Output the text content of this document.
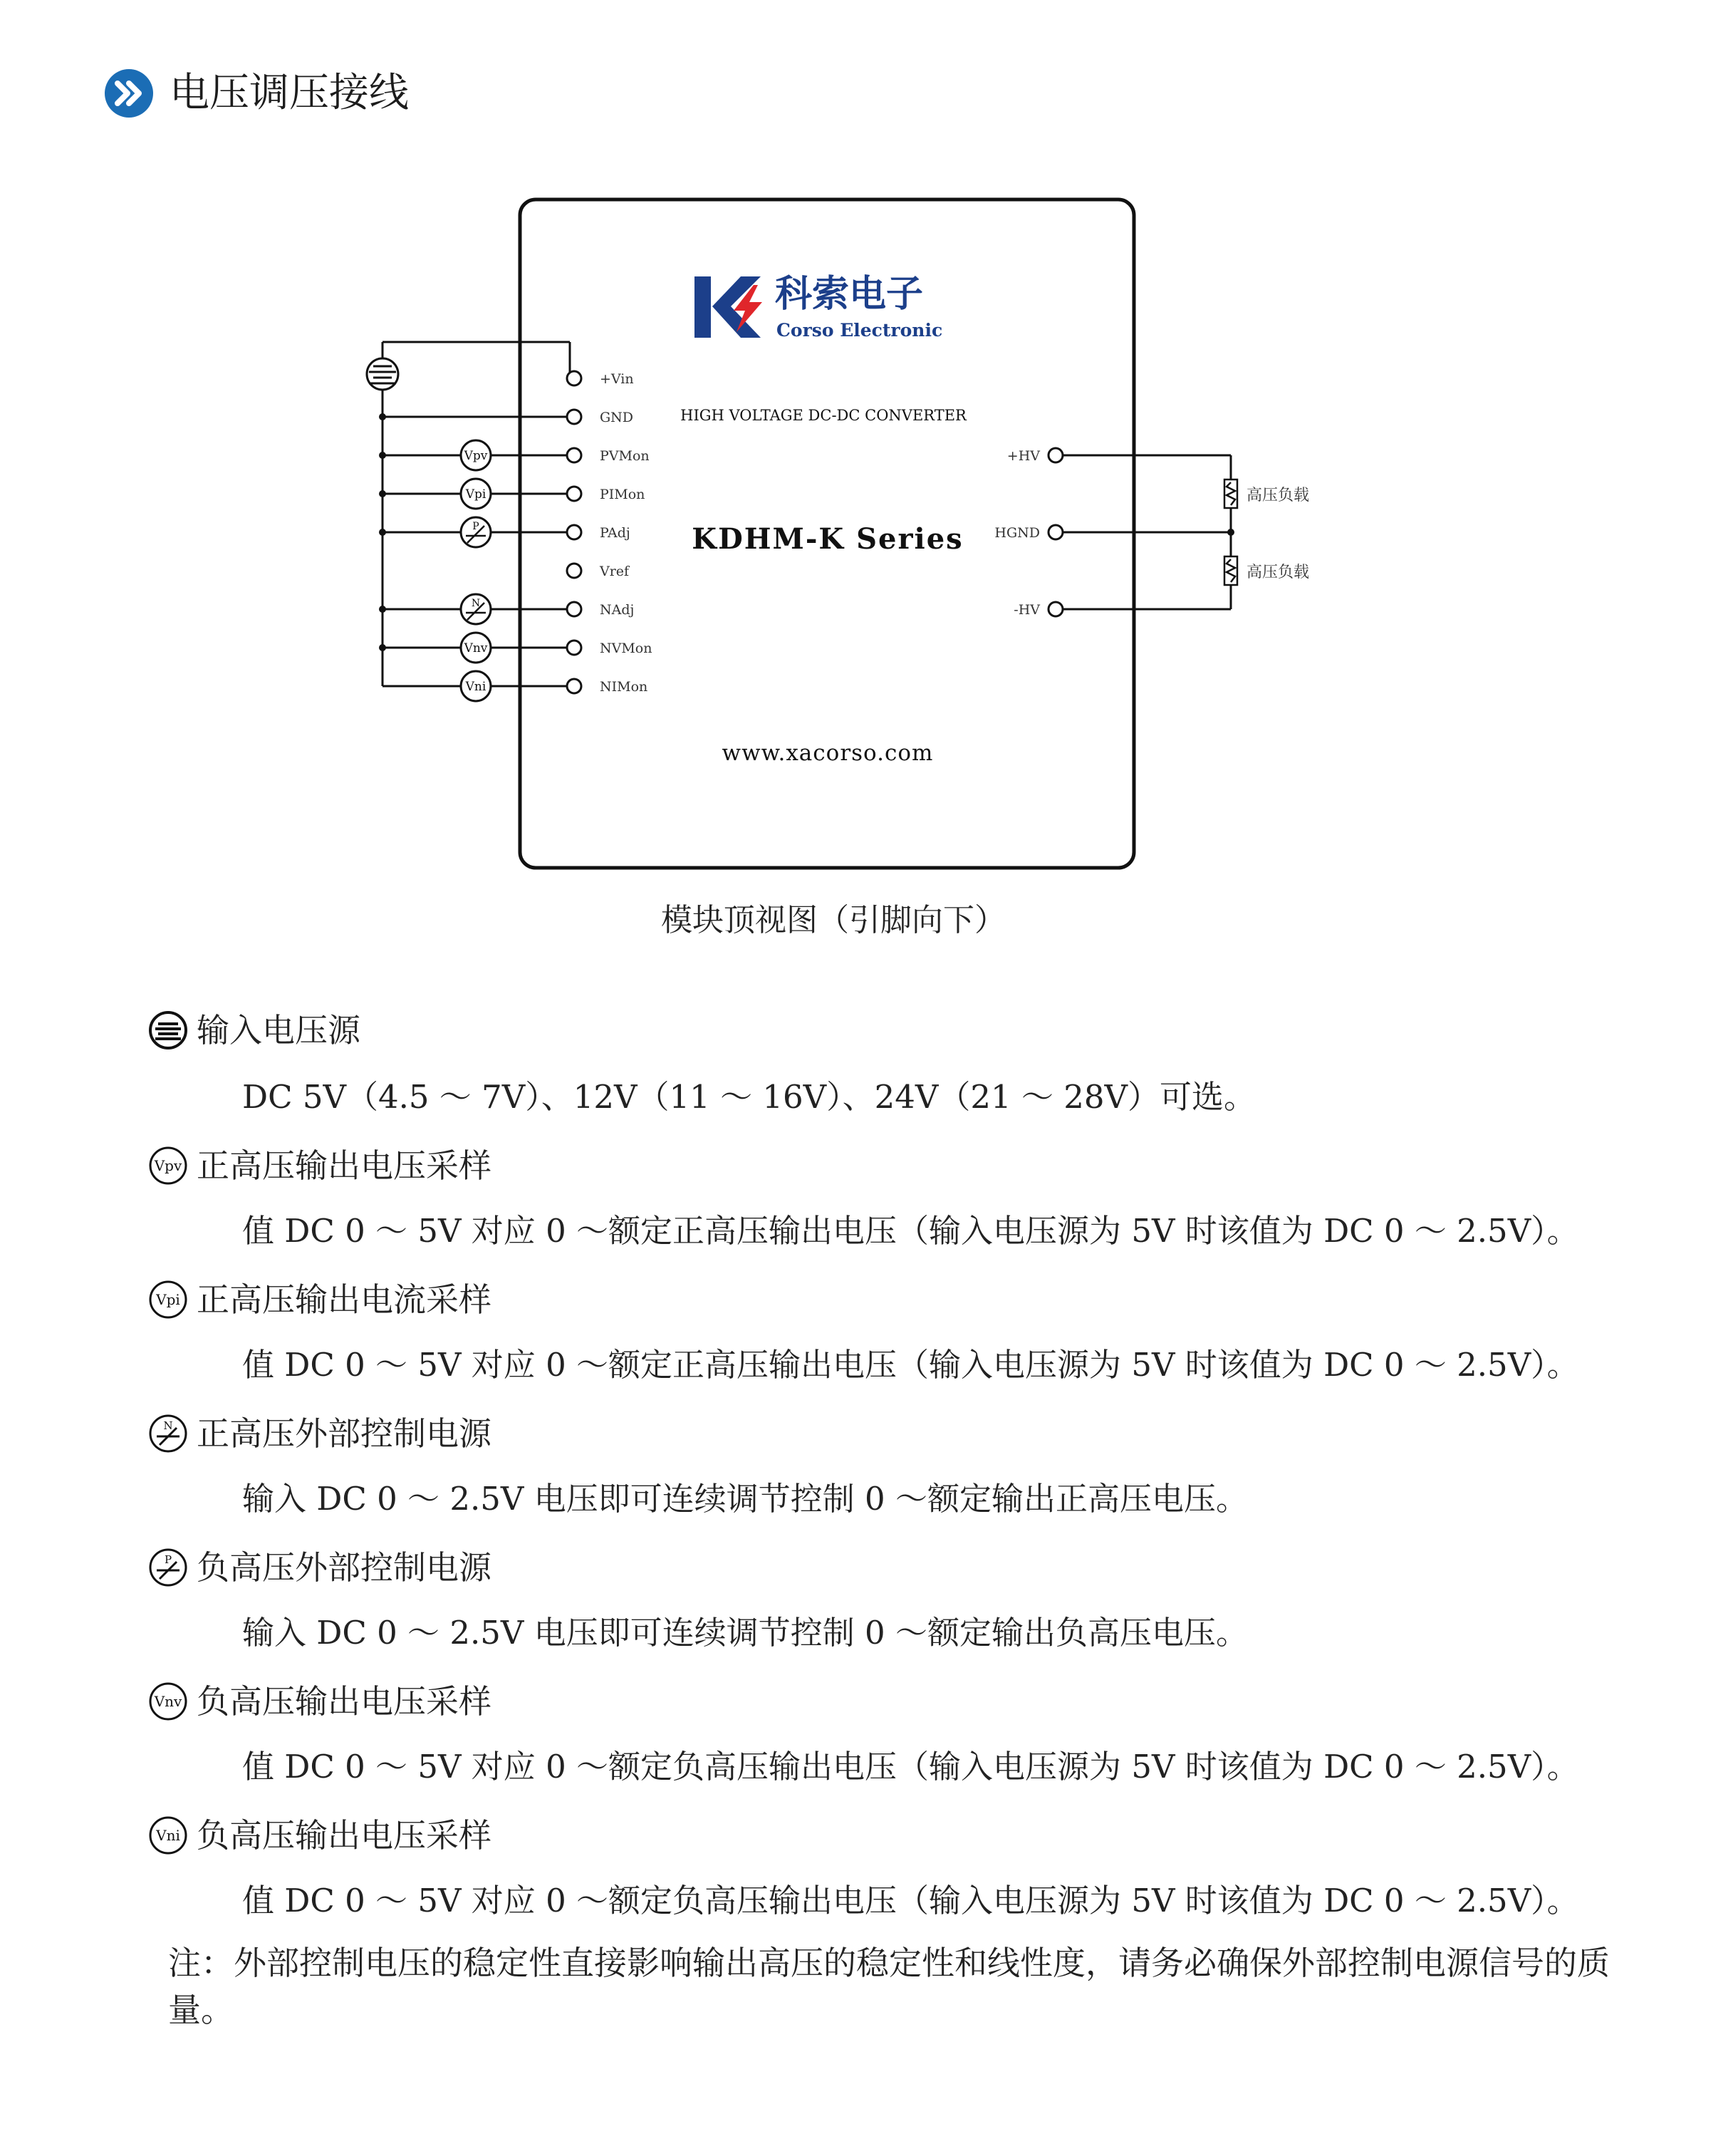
电压调压接线
科索电子
Corso Electronic
HIGH VOLTAGE DC-DC CONVERTER
KDHM-K Series
www.xacorso.com
Vpv
Vpi
Vnv
Vni
P
N
+Vin
GND
PVMon
PIMon
PAdj
Vref
NAdj
NVMon
NIMon
+HV
HGND
-HV
高压负载
高压负载
模块顶视图（引脚向下）
输入电压源
DC 5V（4.5 ～ 7V）、12V（11 ～ 16V）、24V（21 ～ 28V）可选。
Vpv 正高压输出电压采样
值 DC 0 ～ 5V 对应 0 ～额定正高压输出电压（输入电压源为 5V 时该值为 DC 0 ～ 2.5V）。
Vpi 正高压输出电流采样
值 DC 0 ～ 5V 对应 0 ～额定正高压输出电压（输入电压源为 5V 时该值为 DC 0 ～ 2.5V）。
N 正高压外部控制电源
输入 DC 0 ～ 2.5V 电压即可连续调节控制 0 ～额定输出正高压电压。
P 负高压外部控制电源
输入 DC 0 ～ 2.5V 电压即可连续调节控制 0 ～额定输出负高压电压。
Vnv 负高压输出电压采样
值 DC 0 ～ 5V 对应 0 ～额定负高压输出电压（输入电压源为 5V 时该值为 DC 0 ～ 2.5V）。
Vni 负高压输出电压采样
值 DC 0 ～ 5V 对应 0 ～额定负高压输出电压（输入电压源为 5V 时该值为 DC 0 ～ 2.5V）。
注：外部控制电压的稳定性直接影响输出高压的稳定性和线性度，请务必确保外部控制电源信号的质量。
